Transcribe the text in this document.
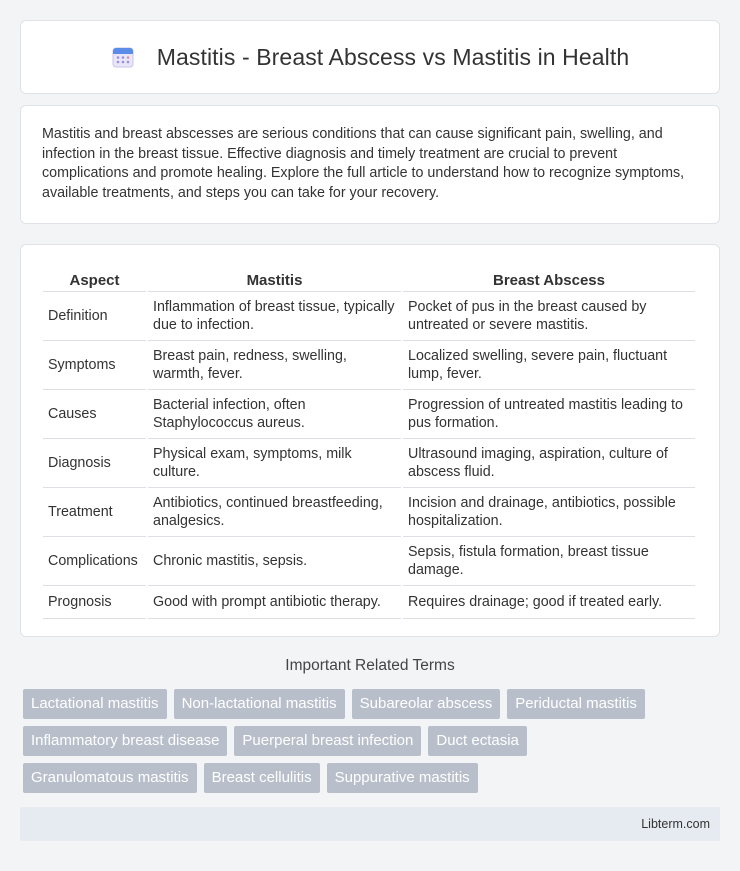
Mastitis - Breast Abscess vs Mastitis in Health

Mastitis and breast abscesses are serious conditions that can cause significant pain, swelling, and infection in the breast tissue. Effective diagnosis and timely treatment are crucial to prevent complications and promote healing. Explore the full article to understand how to recognize symptoms, available treatments, and steps you can take for your recovery.

Aspect	Mastitis	Breast Abscess
Definition	Inflammation of breast tissue, typically due to infection.	Pocket of pus in the breast caused by untreated or severe mastitis.
Symptoms	Breast pain, redness, swelling, warmth, fever.	Localized swelling, severe pain, fluctuant lump, fever.
Causes	Bacterial infection, often Staphylococcus aureus.	Progression of untreated mastitis leading to pus formation.
Diagnosis	Physical exam, symptoms, milk culture.	Ultrasound imaging, aspiration, culture of abscess fluid.
Treatment	Antibiotics, continued breastfeeding, analgesics.	Incision and drainage, antibiotics, possible hospitalization.
Complications	Chronic mastitis, sepsis.	Sepsis, fistula formation, breast tissue damage.
Prognosis	Good with prompt antibiotic therapy.	Requires drainage; good if treated early.
Important Related Terms
Lactational mastitis	Non-lactational mastitis	Subareolar abscess	Periductal mastitis
Inflammatory breast disease	Puerperal breast infection	Duct ectasia
Granulomatous mastitis	Breast cellulitis	Suppurative mastitis
Libterm.com
